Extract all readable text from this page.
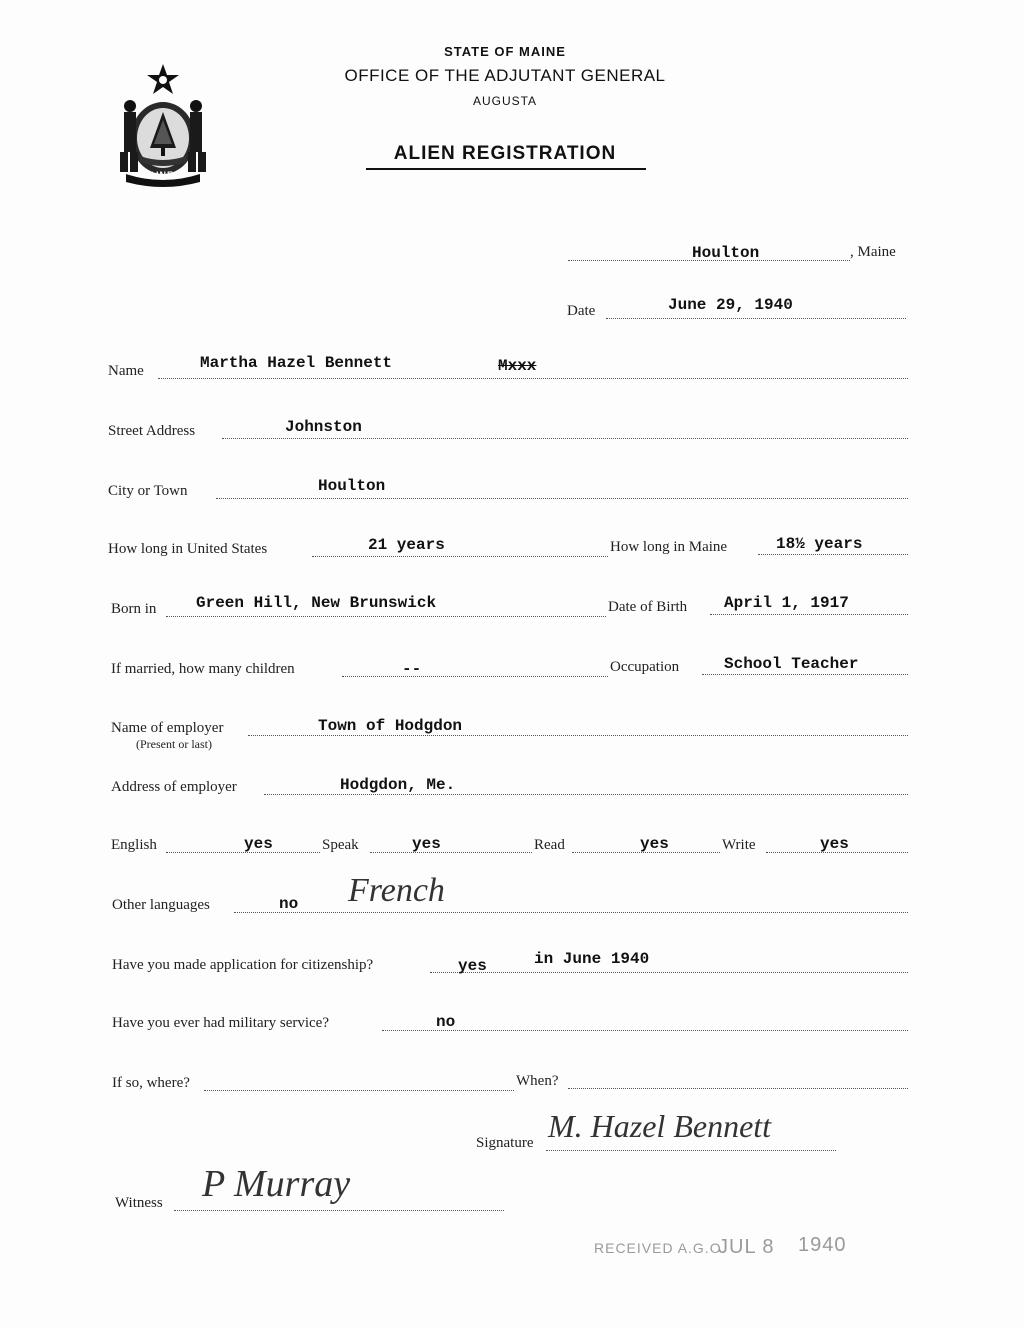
MAINE
STATE OF MAINE
OFFICE OF THE ADJUTANT GENERAL
AUGUSTA
ALIEN REGISTRATION
Houlton	, Maine
Date	June 29, 1940
Name	Martha Hazel Bennett	Mxxx
Street Address	Johnston
City or Town	Houlton
How long in United States	21 years	How long in Maine	18½ years
Born in Green Hill, New Brunswick	Date of Birth April 1, 1917
If married, how many children	--	Occupation	School Teacher
Name of employer
(Present or last)
Town of Hodgdon
Address of employer	Hodgdon, Me.
English	yes	Speak	yes	Read	yes	Write	yes
Other languages	no French
Have you made application for citizenship?	yes	in June 1940
Have you ever had military service?	no
If so, where?	When?
Signature M. Hazel Bennett
Witness P Murray
RECEIVED A.G.O.
JUL 8 1940
